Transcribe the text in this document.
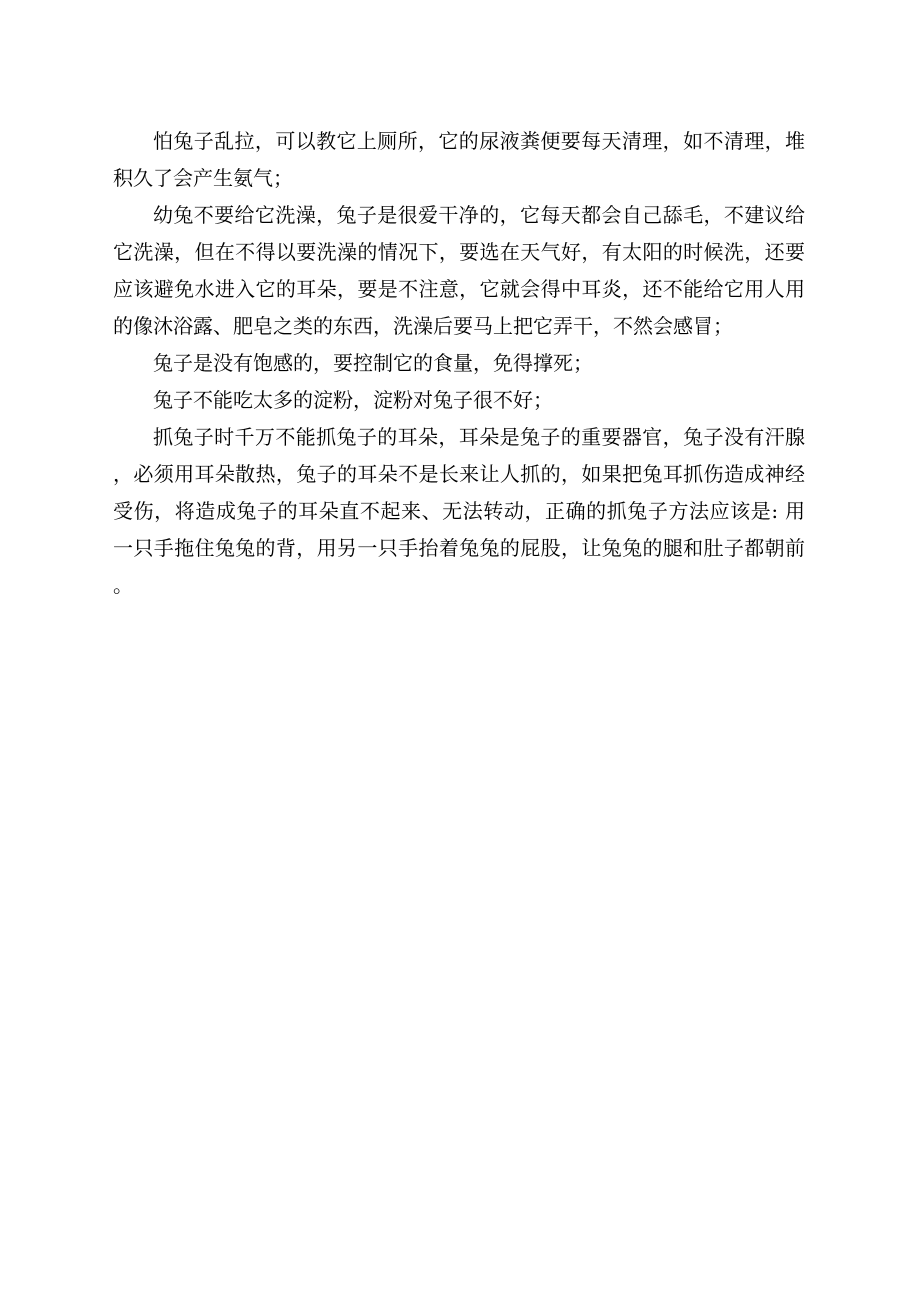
怕兔子乱拉，可以教它上厕所，它的尿液粪便要每天清理，如不清理，堆积久了会产生氨气；

幼兔不要给它洗澡，兔子是很爱干净的，它每天都会自己舔毛，不建议给它洗澡，但在不得以要洗澡的情况下，要选在天气好，有太阳的时候洗，还要应该避免水进入它的耳朵，要是不注意，它就会得中耳炎，还不能给它用人用的像沐浴露、肥皂之类的东西，洗澡后要马上把它弄干，不然会感冒；

兔子是没有饱感的，要控制它的食量，免得撑死；

兔子不能吃太多的淀粉，淀粉对兔子很不好；

抓兔子时千万不能抓兔子的耳朵，耳朵是兔子的重要器官，兔子没有汗腺，必须用耳朵散热，兔子的耳朵不是长来让人抓的，如果把兔耳抓伤造成神经受伤，将造成兔子的耳朵直不起来、无法转动，正确的抓兔子方法应该是: 用一只手拖住兔兔的背，用另一只手抬着兔兔的屁股，让兔兔的腿和肚子都朝前。
